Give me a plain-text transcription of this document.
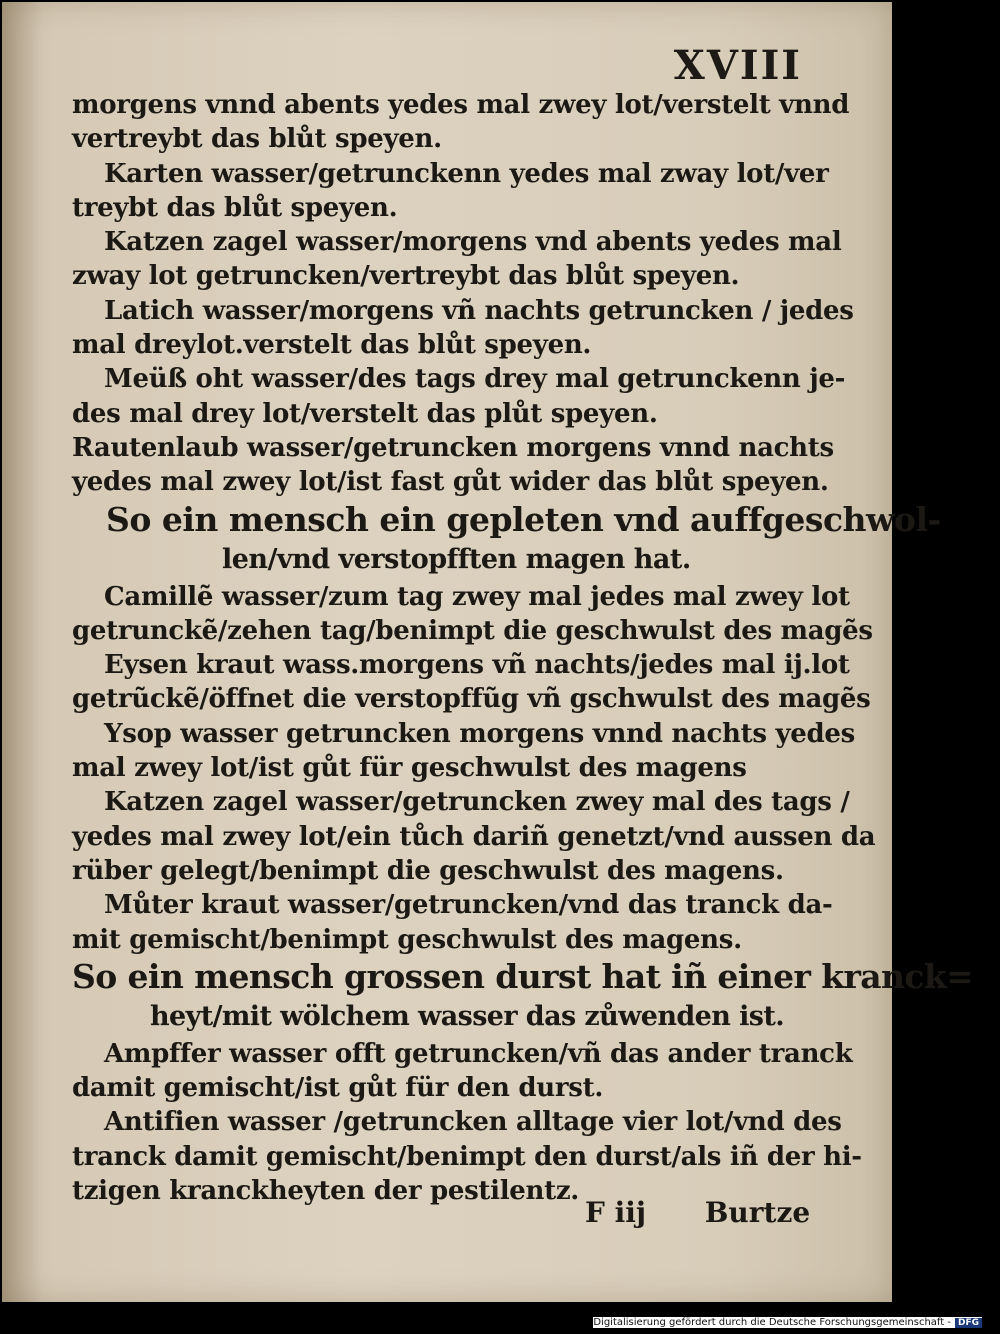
XVIII
morgens vnnd abents yedes mal zwey lot/verstelt vnnd
vertreybt das blůt speyen.
Karten wasser/getrunckenn yedes mal zway lot/ver
treybt das blůt speyen.
Katzen zagel wasser/morgens vnd abents yedes mal
zway lot getruncken/vertreybt das blůt speyen.
Latich wasser/morgens vñ nachts getruncken / jedes
mal dreylot.verstelt das blůt speyen.
Meüß oht wasser/des tags drey mal getrunckenn je-
des mal drey lot/verstelt das plůt speyen.
Rautenlaub wasser/getruncken morgens vnnd nachts
yedes mal zwey lot/ist fast gůt wider das blůt speyen.
So ein mensch ein gepleten vnd auffgeschwol-
len/vnd verstopfften magen hat.
Camillẽ wasser/zum tag zwey mal jedes mal zwey lot
getrunckẽ/zehen tag/benimpt die geschwulst des magẽs
Eysen kraut wass.morgens vñ nachts/jedes mal ij.lot
getrũckẽ/öffnet die verstopffũg vñ gschwulst des magẽs
Ysop wasser getruncken morgens vnnd nachts yedes
mal zwey lot/ist gůt für geschwulst des magens
Katzen zagel wasser/getruncken zwey mal des tags /
yedes mal zwey lot/ein tůch dariñ genetzt/vnd aussen da
rüber gelegt/benimpt die geschwulst des magens.
Můter kraut wasser/getruncken/vnd das tranck da-
mit gemischt/benimpt geschwulst des magens.
So ein mensch grossen durst hat iñ einer kranck=
heyt/mit wölchem wasser das zůwenden ist.
Ampffer wasser offt getruncken/vñ das ander tranck
damit gemischt/ist gůt für den durst.
Antifien wasser /getruncken alltage vier lot/vnd des
tranck damit gemischt/benimpt den durst/als iñ der hi-
tzigen kranckheyten der pestilentz.
F iij Burtze
Digitalisierung gefördert durch die Deutsche Forschungsgemeinschaft - DFG
